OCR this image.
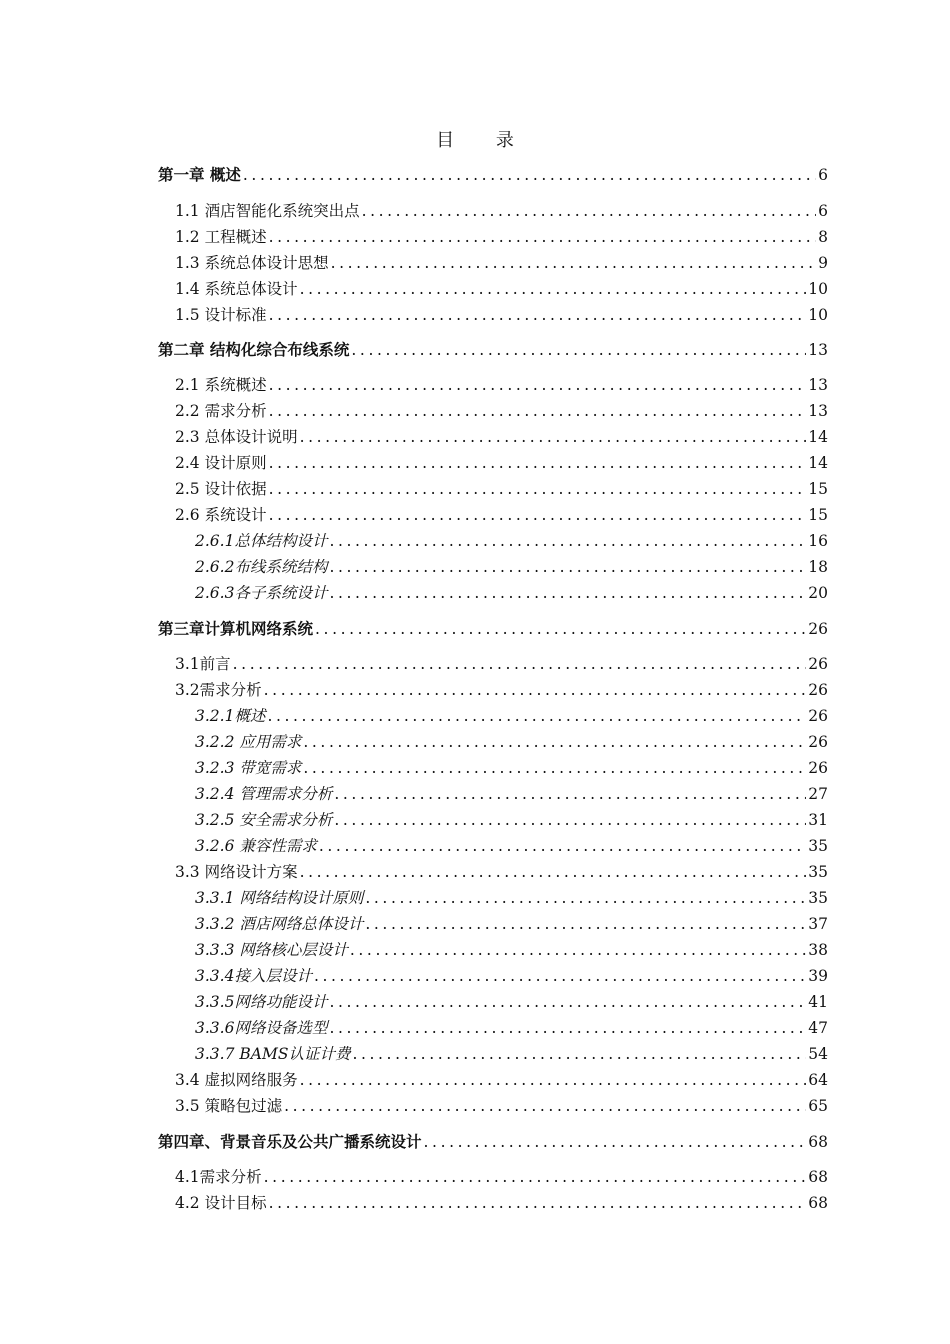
目 录
第一章 概述 .....	6
1.1 酒店智能化系统突出点 .....	6
1.2 工程概述 .....	8
1.3 系统总体设计思想 .....	9
1.4 系统总体设计 .....	10
1.5 设计标准 .....	10
第二章 结构化综合布线系统 .....	13
2.1 系统概述 .....	13
2.2 需求分析 .....	13
2.3 总体设计说明 .....	14
2.4 设计原则 .....	14
2.5 设计依据 .....	15
2.6 系统设计 .....	15
2.6.1总体结构设计 .....	16
2.6.2布线系统结构 .....	18
2.6.3各子系统设计 .....	20
第三章计算机网络系统 .....	26
3.1前言 .....	26
3.2需求分析 .....	26
3.2.1概述 .....	26
3.2.2 应用需求 .....	26
3.2.3 带宽需求 .....	26
3.2.4 管理需求分析 .....	27
3.2.5 安全需求分析 .....	31
3.2.6 兼容性需求 .....	35
3.3 网络设计方案 .....	35
3.3.1 网络结构设计原则 .....	35
3.3.2 酒店网络总体设计 .....	37
3.3.3 网络核心层设计 .....	38
3.3.4接入层设计 .....	39
3.3.5网络功能设计 .....	41
3.3.6网络设备选型 .....	47
3.3.7 BAMS认证计费 .....	54
3.4 虚拟网络服务 .....	64
3.5 策略包过滤 .....	65
第四章、背景音乐及公共广播系统设计 .....	68
4.1需求分析 .....	68
4.2 设计目标 .....	68
